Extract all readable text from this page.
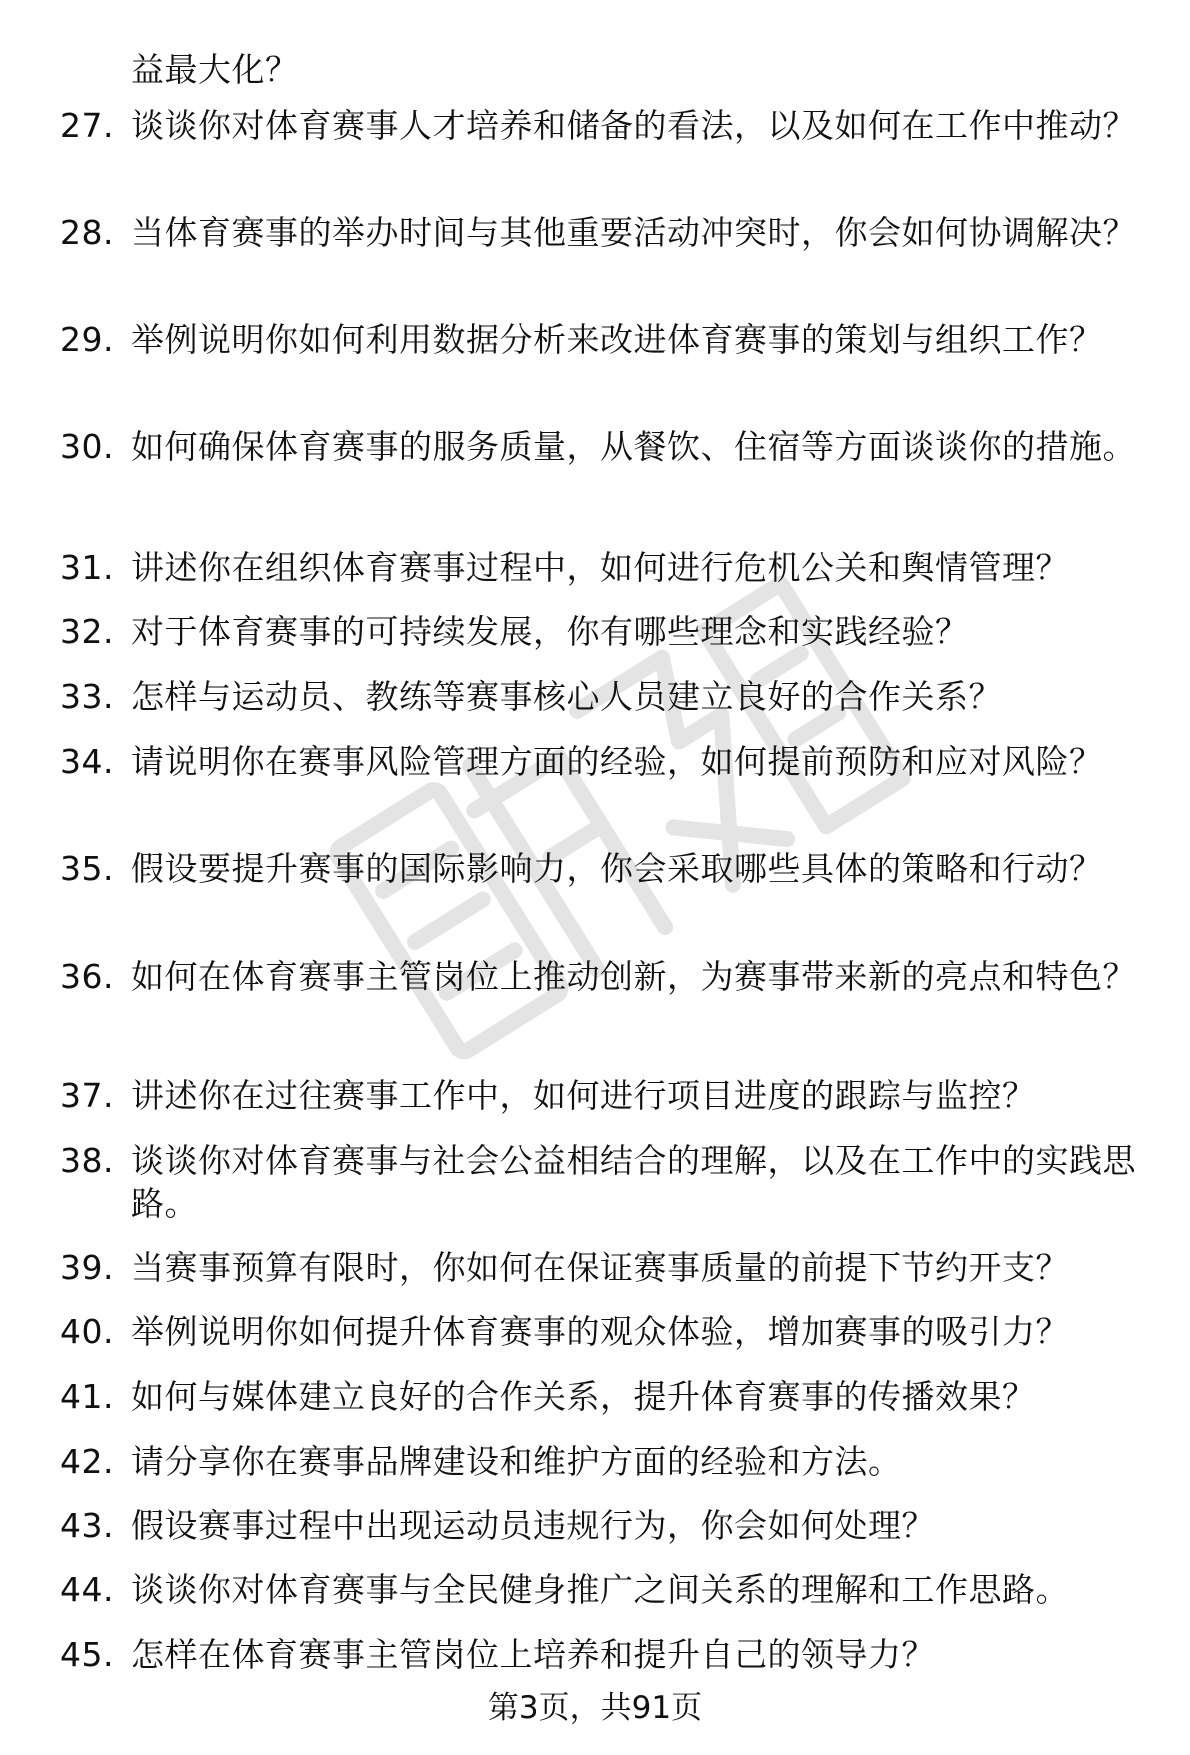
益最大化？
27. 谈谈你对体育赛事人才培养和储备的看法，以及如何在工作中推动？
28. 当体育赛事的举办时间与其他重要活动冲突时，你会如何协调解决？
29. 举例说明你如何利用数据分析来改进体育赛事的策划与组织工作？
30. 如何确保体育赛事的服务质量，从餐饮、住宿等方面谈谈你的措施。
31. 讲述你在组织体育赛事过程中，如何进行危机公关和舆情管理？
32. 对于体育赛事的可持续发展，你有哪些理念和实践经验？
33. 怎样与运动员、教练等赛事核心人员建立良好的合作关系？
34. 请说明你在赛事风险管理方面的经验，如何提前预防和应对风险？
35. 假设要提升赛事的国际影响力，你会采取哪些具体的策略和行动？
36. 如何在体育赛事主管岗位上推动创新，为赛事带来新的亮点和特色？
37. 讲述你在过往赛事工作中，如何进行项目进度的跟踪与监控？
38. 谈谈你对体育赛事与社会公益相结合的理解，以及在工作中的实践思路。
39. 当赛事预算有限时，你如何在保证赛事质量的前提下节约开支？
40. 举例说明你如何提升体育赛事的观众体验，增加赛事的吸引力？
41. 如何与媒体建立良好的合作关系，提升体育赛事的传播效果？
42. 请分享你在赛事品牌建设和维护方面的经验和方法。
43. 假设赛事过程中出现运动员违规行为，你会如何处理？
44. 谈谈你对体育赛事与全民健身推广之间关系的理解和工作思路。
45. 怎样在体育赛事主管岗位上培养和提升自己的领导力？
第3页，共91页
